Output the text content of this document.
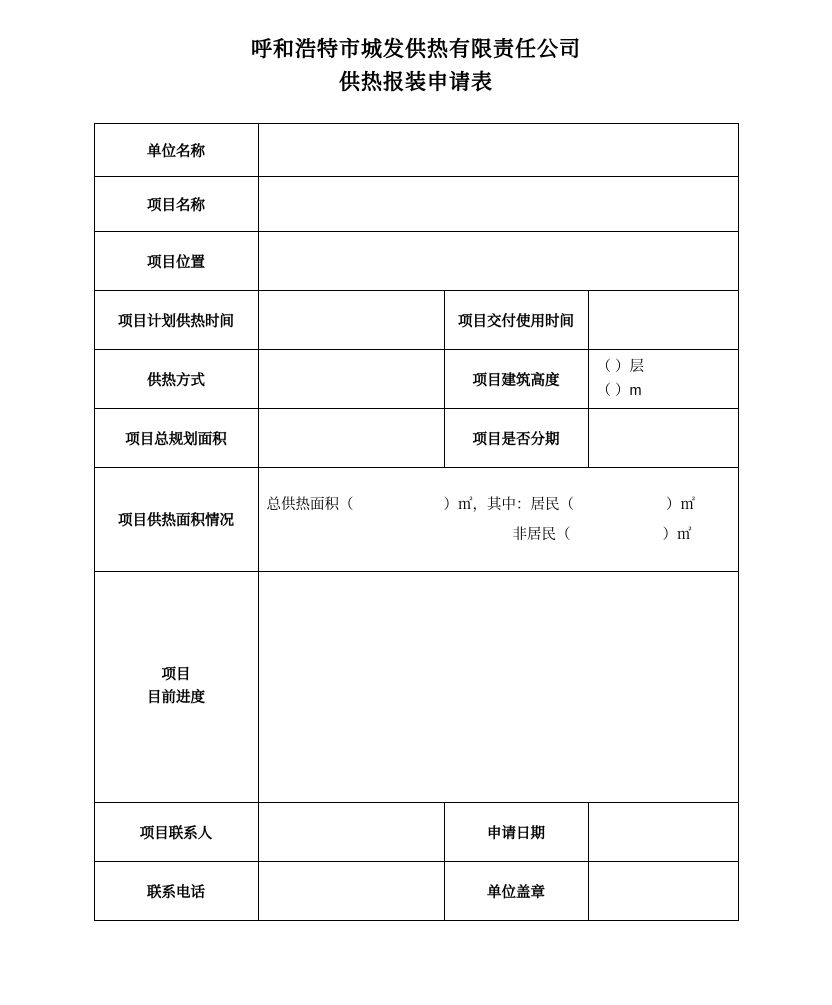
呼和浩特市城发供热有限责任公司
供热报装申请表
单位名称			
项目名称			
项目位置			
项目计划供热时间		项目交付使用时间	
供热方式		项目建筑高度	（ ）层
（ ）m

项目总规划面积		项目是否分期	
项目供热面积情况	总供热面积（ ）㎡，其中：居民（ ）㎡
非居民（ ）㎡		

项目
目前进度			

项目联系人		申请日期	
联系电话		单位盖章	
